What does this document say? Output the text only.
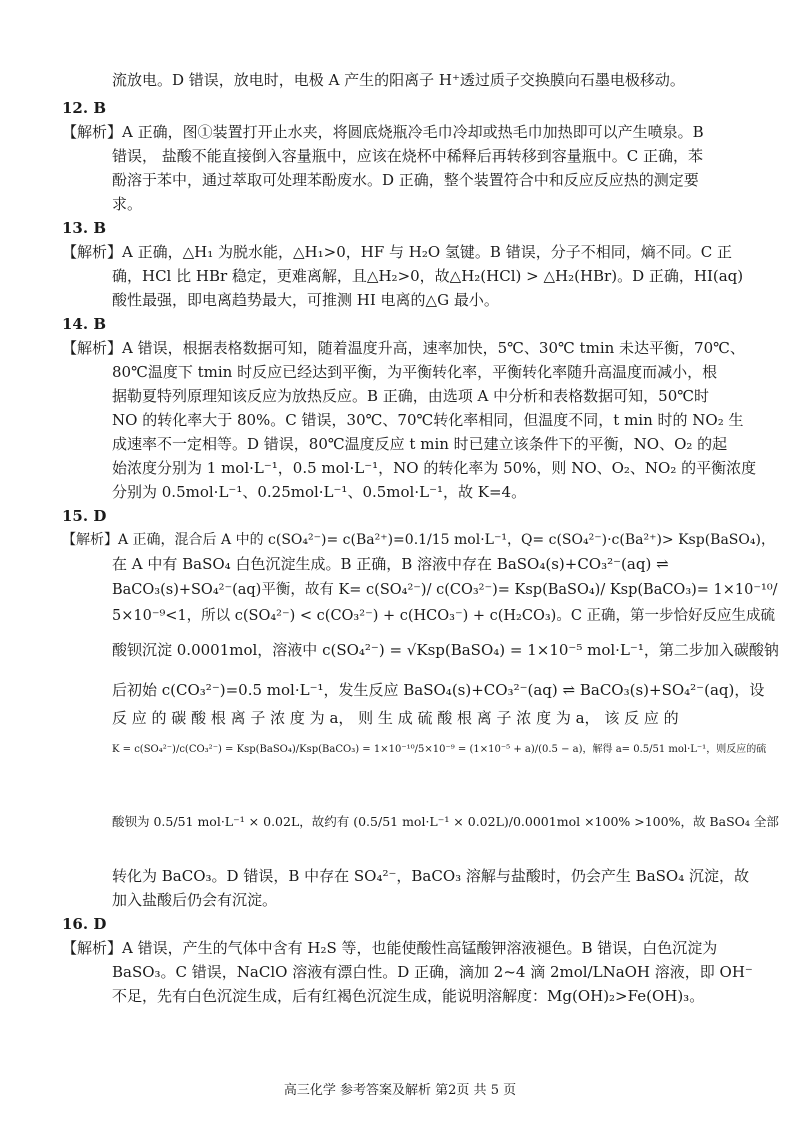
流放电。D 错误，放电时，电极 A 产生的阳离子 H⁺透过质子交换膜向石墨电极移动。
12. B
【解析】A 正确，图①装置打开止水夹，将圆底烧瓶冷毛巾冷却或热毛巾加热即可以产生喷泉。B
错误， 盐酸不能直接倒入容量瓶中，应该在烧杯中稀释后再转移到容量瓶中。C 正确，苯
酚溶于苯中，通过萃取可处理苯酚废水。D 正确，整个装置符合中和反应反应热的测定要
求。
13. B
【解析】A 正确，△H₁ 为脱水能，△H₁>0，HF 与 H₂O 氢键。B 错误，分子不相同，熵不同。C 正
确，HCl 比 HBr 稳定，更难离解，且△H₂>0，故△H₂(HCl) > △H₂(HBr)。D 正确，HI(aq)
酸性最强，即电离趋势最大，可推测 HI 电离的△G 最小。
14. B
【解析】A 错误，根据表格数据可知，随着温度升高，速率加快，5℃、30℃ tmin 未达平衡，70℃、
80℃温度下 tmin 时反应已经达到平衡，为平衡转化率，平衡转化率随升高温度而减小，根
据勒夏特列原理知该反应为放热反应。B 正确，由选项 A 中分析和表格数据可知，50℃时
NO 的转化率大于 80%。C 错误，30℃、70℃转化率相同，但温度不同，t min 时的 NO₂ 生
成速率不一定相等。D 错误，80℃温度反应 t min 时已建立该条件下的平衡，NO、O₂ 的起
始浓度分别为 1 mol·L⁻¹，0.5 mol·L⁻¹，NO 的转化率为 50%，则 NO、O₂、NO₂ 的平衡浓度
分别为 0.5mol·L⁻¹、0.25mol·L⁻¹、0.5mol·L⁻¹，故 K=4。
15. D
【解析】A 正确，混合后 A 中的 c(SO₄²⁻)= c(Ba²⁺)=0.1/15 mol·L⁻¹，Q= c(SO₄²⁻)·c(Ba²⁺)> Ksp(BaSO₄)，
在 A 中有 BaSO₄ 白色沉淀生成。B 正确，B 溶液中存在 BaSO₄(s)+CO₃²⁻(aq) ⇌
BaCO₃(s)+SO₄²⁻(aq)平衡，故有 K= c(SO₄²⁻)/ c(CO₃²⁻)= Ksp(BaSO₄)/ Ksp(BaCO₃)= 1×10⁻¹⁰/
5×10⁻⁹<1，所以 c(SO₄²⁻) < c(CO₃²⁻) + c(HCO₃⁻) + c(H₂CO₃)。C 正确，第一步恰好反应生成硫
酸钡沉淀 0.0001mol，溶液中 c(SO₄²⁻) = √Ksp(BaSO₄) = 1×10⁻⁵ mol·L⁻¹，第二步加入碳酸钠
后初始 c(CO₃²⁻)=0.5 mol·L⁻¹，发生反应 BaSO₄(s)+CO₃²⁻(aq) ⇌ BaCO₃(s)+SO₄²⁻(aq)，设
反 应 的 碳 酸 根 离 子 浓 度 为 a， 则 生 成 硫 酸 根 离 子 浓 度 为 a， 该 反 应 的
K = c(SO₄²⁻)/c(CO₃²⁻) = Ksp(BaSO₄)/Ksp(BaCO₃) = 1×10⁻¹⁰/5×10⁻⁹ = (1×10⁻⁵ + a)/(0.5 − a)，解得 a= 0.5/51 mol·L⁻¹，则反应的硫
酸钡为 0.5/51 mol·L⁻¹ × 0.02L，故约有 (0.5/51 mol·L⁻¹ × 0.02L)/0.0001mol ×100% >100%，故 BaSO₄ 全部
转化为 BaCO₃。D 错误，B 中存在 SO₄²⁻，BaCO₃ 溶解与盐酸时，仍会产生 BaSO₄ 沉淀，故
加入盐酸后仍会有沉淀。
16. D
【解析】A 错误，产生的气体中含有 H₂S 等，也能使酸性高锰酸钾溶液褪色。B 错误，白色沉淀为
BaSO₃。C 错误，NaClO 溶液有漂白性。D 正确，滴加 2~4 滴 2mol/LNaOH 溶液，即 OH⁻
不足，先有白色沉淀生成，后有红褐色沉淀生成，能说明溶解度：Mg(OH)₂>Fe(OH)₃。
高三化学 参考答案及解析 第2页 共 5 页
